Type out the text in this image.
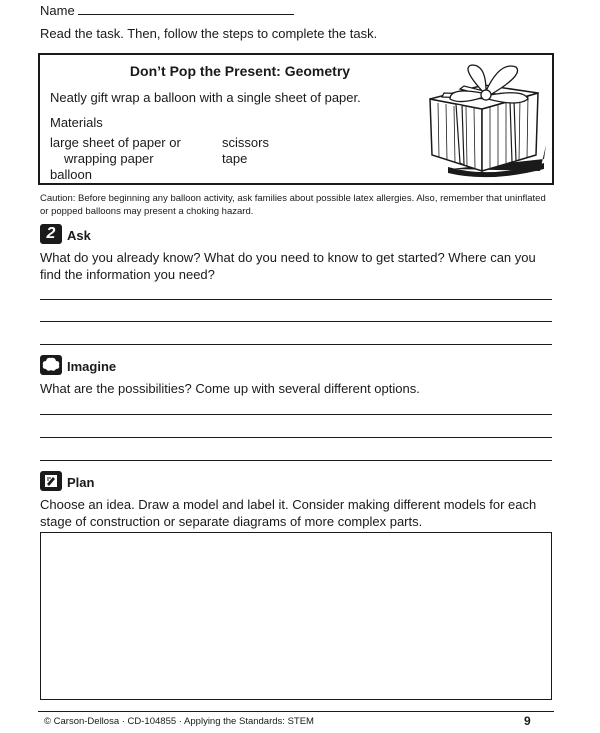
Name
Read the task. Then, follow the steps to complete the task.
Don’t Pop the Present: Geometry
Neatly gift wrap a balloon with a single sheet of paper.
Materials
large sheet of paper or
wrapping paper
balloon
scissors
tape
Caution: Before beginning any balloon activity, ask families about possible latex allergies. Also, remember that uninflated or popped balloons may present a choking hazard.
2 Ask
What do you already know? What do you need to know to get started? Where can you find the information you need?
Imagine
What are the possibilities? Come up with several different options.
Plan
Choose an idea. Draw a model and label it. Consider making different models for each stage of construction or separate diagrams of more complex parts.
© Carson-Dellosa · CD-104855 · Applying the Standards: STEM	9
